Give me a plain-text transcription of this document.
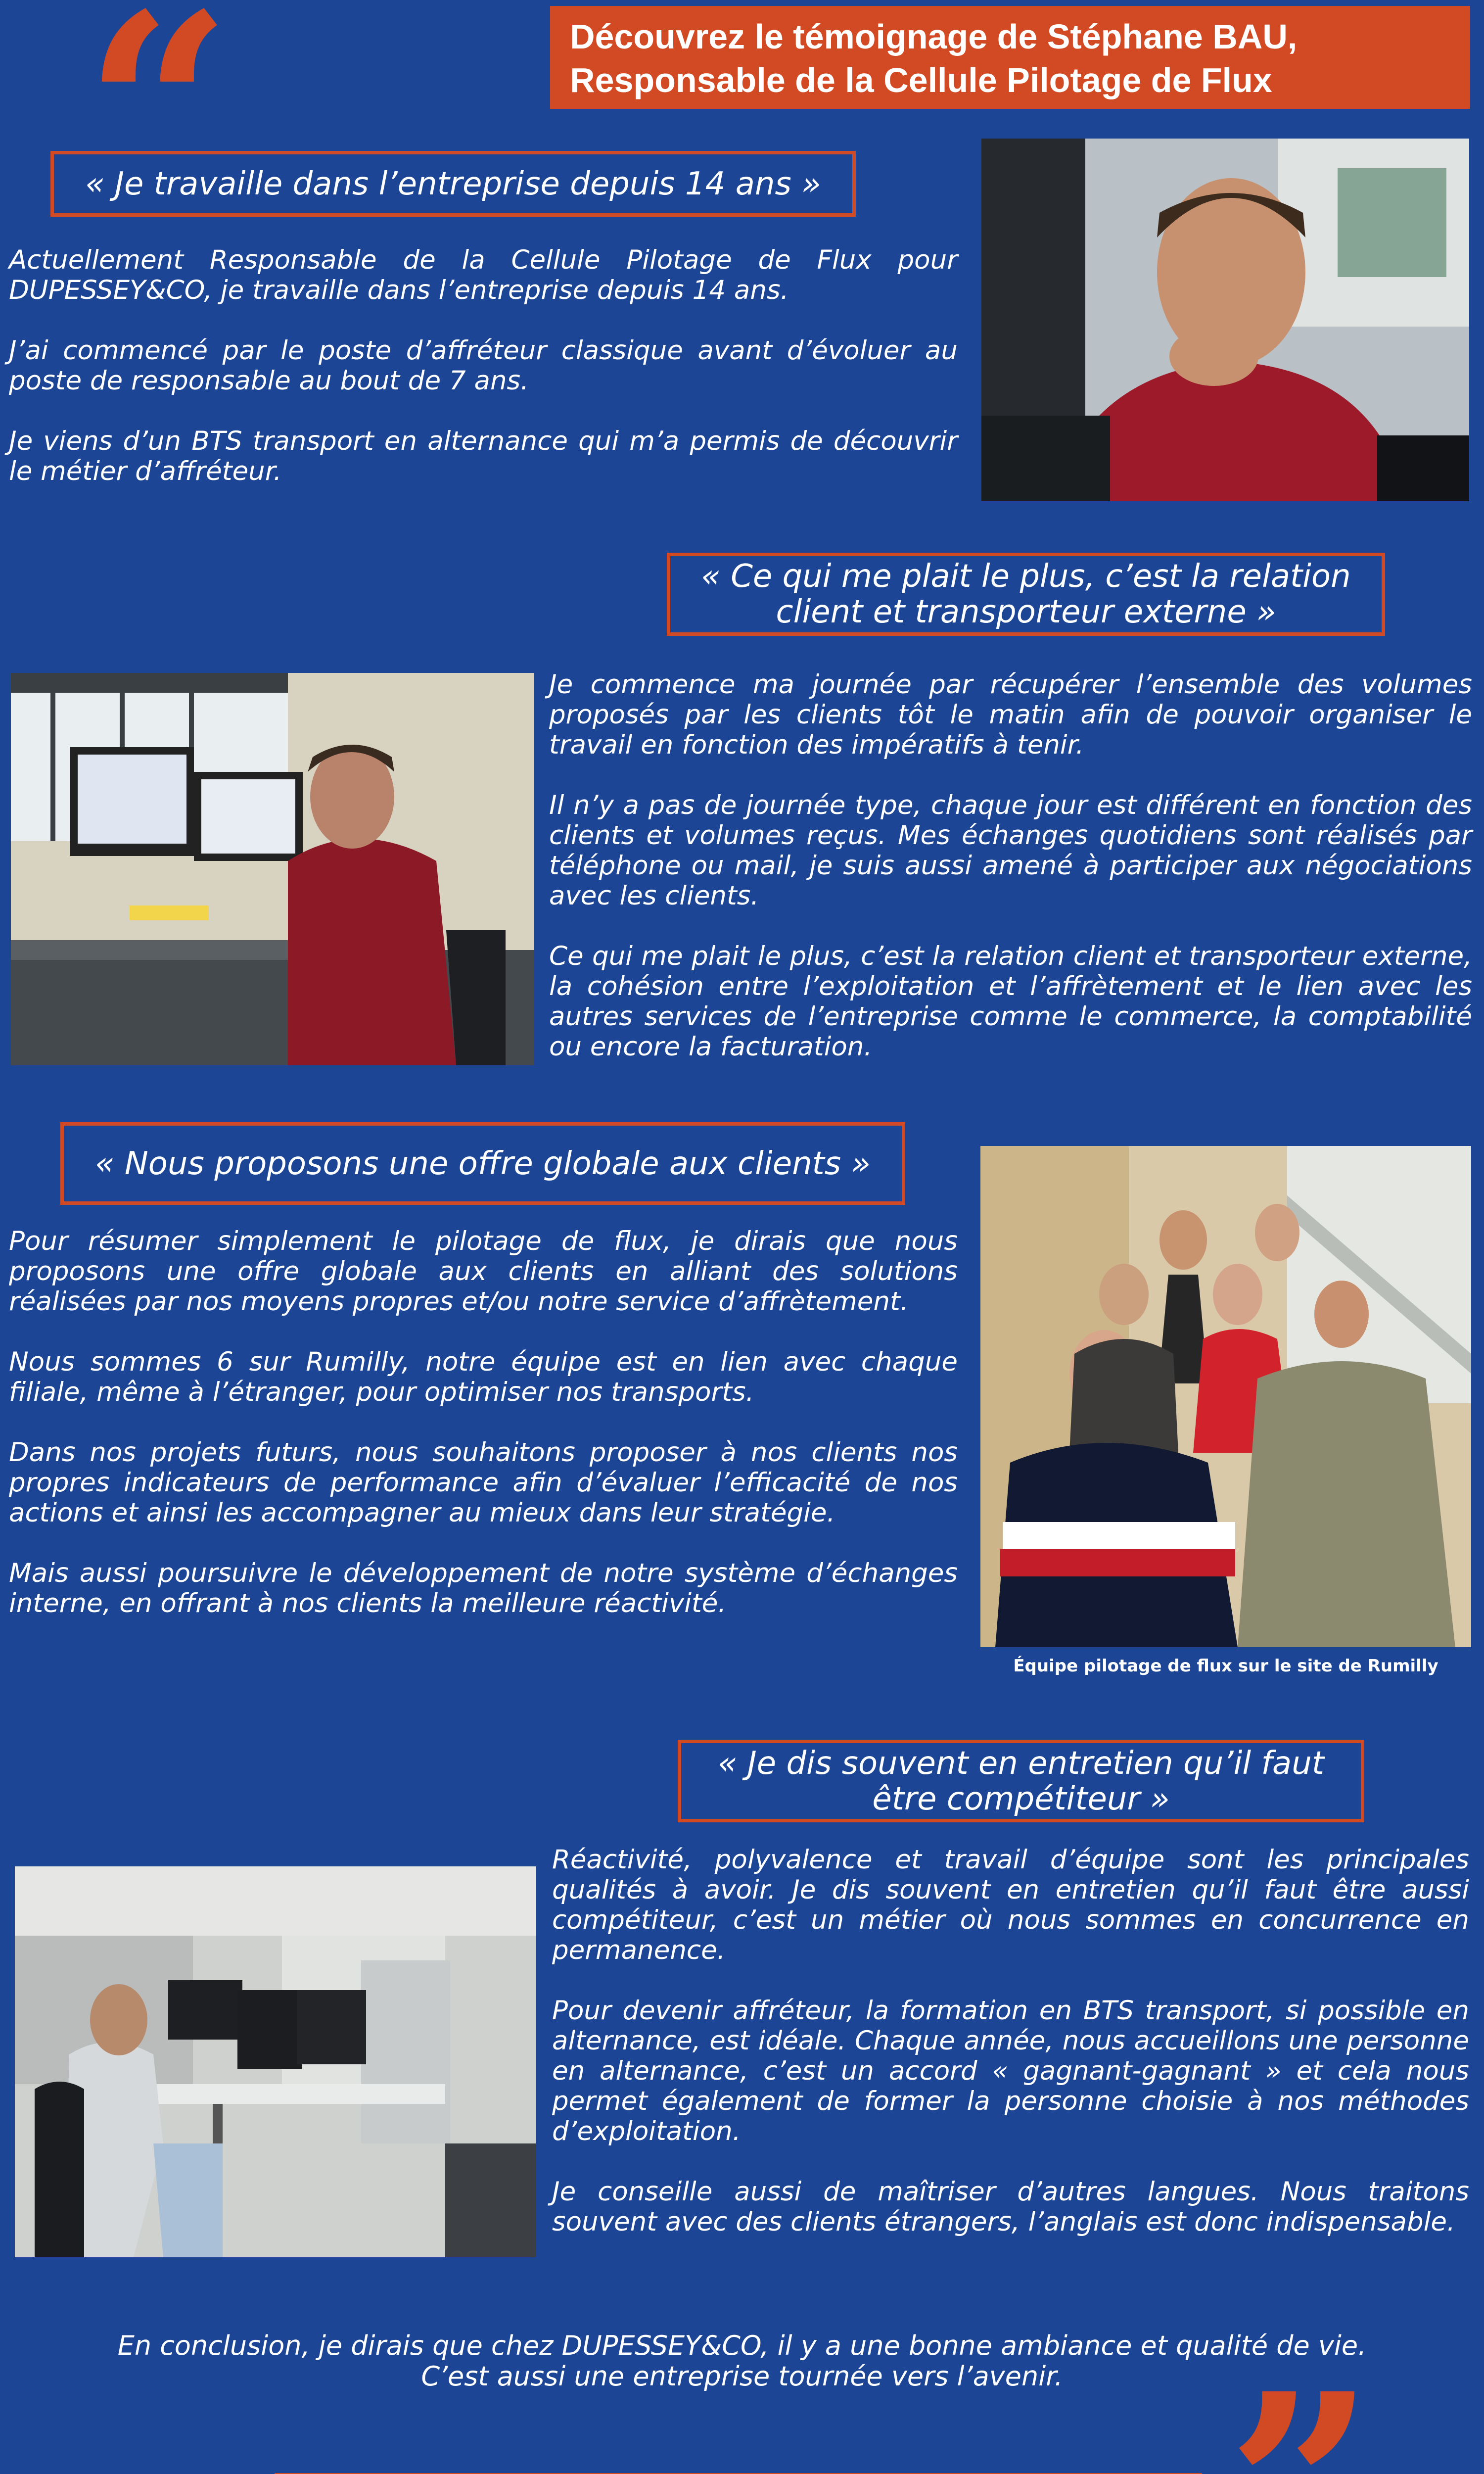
“	Découvrez le témoignage de Stéphane BAU,
Responsable de la Cellule Pilotage de Flux
« Je travaille dans l’entreprise depuis 14 ans »

Actuellement Responsable de la Cellule Pilotage de Flux pour DUPESSEY&CO, je travaille dans l’entreprise depuis 14 ans.

J’ai commencé par le poste d’affréteur classique avant d’évoluer au poste de responsable au bout de 7 ans.

Je viens d’un BTS transport en alternance qui m’a permis de découvrir le métier d’affréteur.

« Ce qui me plait le plus, c’est la relation
client et transporteur externe »

Je commence ma journée par récupérer l’ensemble des volumes proposés par les clients tôt le matin afin de pouvoir organiser le travail en fonction des impératifs à tenir.

Il n’y a pas de journée type, chaque jour est différent en fonction des clients et volumes reçus. Mes échanges quotidiens sont réalisés par téléphone ou mail, je suis aussi amené à participer aux négociations avec les clients.

Ce qui me plait le plus, c’est la relation client et transporteur externe, la cohésion entre l’exploitation et l’affrètement et le lien avec les autres services de l’entreprise comme le commerce, la comptabilité ou encore la facturation.

« Nous proposons une offre globale aux clients »

Pour résumer simplement le pilotage de flux, je dirais que nous proposons une offre globale aux clients en alliant des solutions réalisées par nos moyens propres et/ou notre service d’affrètement.

Nous sommes 6 sur Rumilly, notre équipe est en lien avec chaque filiale, même à l’étranger, pour optimiser nos transports.

Dans nos projets futurs, nous souhaitons proposer à nos clients nos propres indicateurs de performance afin d’évaluer l’efficacité de nos actions et ainsi les accompagner au mieux dans leur stratégie.

Mais aussi poursuivre le développement de notre système d’échanges interne, en offrant à nos clients la meilleure réactivité.

Équipe pilotage de flux sur le site de Rumilly
« Je dis souvent en entretien qu’il faut
être compétiteur »

Réactivité, polyvalence et travail d’équipe sont les principales qualités à avoir. Je dis souvent en entretien qu’il faut être aussi compétiteur, c’est un métier où nous sommes en concurrence en permanence.

Pour devenir affréteur, la formation en BTS transport, si possible en alternance, est idéale. Chaque année, nous accueillons une personne en alternance, c’est un accord « gagnant-gagnant » et cela nous permet également de former la personne choisie à nos méthodes d’exploitation.

Je conseille aussi de maîtriser d’autres langues. Nous traitons souvent avec des clients étrangers, l’anglais est donc indispensable.

En conclusion, je dirais que chez DUPESSEY&CO, il y a une bonne ambiance et qualité de vie.
C’est aussi une entreprise tournée vers l’avenir.
